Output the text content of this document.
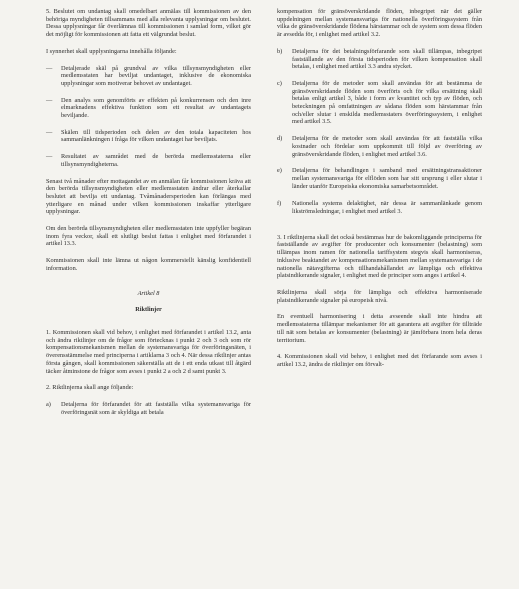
5. Beslutet om undantag skall omedelbart anmälas till kommissionen av den behöriga myndigheten tillsammans med alla relevanta upplysningar om beslutet. Dessa upplysningar får överlämnas till kommissionen i samlad form, vilket gör det möjligt för kommissionen att fatta ett välgrundat beslut.
I synnerhet skall upplysningarna innehålla följande:
— Detaljerade skäl på grundval av vilka tillsynsmyndigheten eller medlemsstaten har beviljat undantaget, inklusive de ekonomiska upplysningar som motiverar behovet av undantaget.
— Den analys som genomförts av effekten på konkurrensen och den inre elmarknadens effektiva funktion som ett resultat av undantagets beviljande.
— Skälen till tidsperioden och delen av den totala kapaciteten hos sammanlänkningen i fråga för vilken undantaget har beviljats.
— Resultatet av samrådet med de berörda medlemsstaterna eller tillsynsmyndigheterna.
Senast två månader efter mottagandet av en anmälan får kommissionen kräva att den berörda tillsynsmyndigheten eller medlemsstaten ändrar eller återkallar beslutet att bevilja ett undantag. Tvåmånadersperioden kan förlängas med ytterligare en månad under vilken kommissionen inskaffar ytterligare upplysningar.
Om den berörda tillsynsmyndigheten eller medlemsstaten inte uppfyller begäran inom fyra veckor, skall ett slutligt beslut fattas i enlighet med förfarandet i artikel 13.3.
Kommissionen skall inte lämna ut någon kommersiellt känslig konfidentiell information.
Artikel 8
Riktlinjer
1. Kommissionen skall vid behov, i enlighet med förfarandet i artikel 13.2, anta och ändra riktlinjer om de frågor som förtecknas i punkt 2 och 3 och som rör kompensationsmekanismen mellan de systemansvariga för överföringsnäten, i överensstämmelse med principerna i artiklarna 3 och 4. När dessa riktlinjer antas första gången, skall kommissionen säkerställa att de i ett enda utkast till åtgärd täcker åtminstone de frågor som avses i punkt 2 a och 2 d samt punkt 3.
2. Riktlinjerna skall ange följande:
a) Detaljerna för förfarandet för att fastställa vilka systemansvariga för överföringsnät som är skyldiga att betala
kompensation för gränsöverskridande flöden, inbegripet när det gäller uppdelningen mellan systemansvariga för nationella överföringssystem från vilka de gränsöverskridande flödena härstammar och de system som dessa flöden är avsedda för, i enlighet med artikel 3.2.
b) Detaljerna för det betalningsförfarande som skall tillämpas, inbegripet fastställande av den första tidsperioden för vilken kompensation skall betalas, i enlighet med artikel 3.3 andra stycket.
c) Detaljerna för de metoder som skall användas för att bestämma de gränsöverskridande flöden som överförts och för vilka ersättning skall betalas enligt artikel 3, både i form av kvantitet och typ av flöden, och beteckningen på omfattningen av sådana flöden som härstammar från och/eller slutar i enskilda medlemsstaters överföringssystem, i enlighet med artikel 3.5.
d) Detaljerna för de metoder som skall användas för att fastställa vilka kostnader och fördelar som uppkommit till följd av överföring av gränsöverskridande flöden, i enlighet med artikel 3.6.
e) Detaljerna för behandlingen i samband med ersättningstransaktioner mellan systemansvariga för elflöden som har sitt ursprung i eller slutar i länder utanför Europeiska ekonomiska samarbetsområdet.
f) Nationella systems delaktighet, när dessa är sammanlänkade genom likströmsledningar, i enlighet med artikel 3.
3. I riktlinjerna skall det också bestämmas hur de bakomliggande principerna för fastställande av avgifter för producenter och konsumenter (belastning) som tillämpas inom ramen för nationella tariffsystem stegvis skall harmoniseras, inklusive beaktandet av kompensationsmekanismen mellan systemansvariga i de nationella nätavgifterna och tillhandahållandet av lämpliga och effektiva platsindikerande signaler, i enlighet med de principer som anges i artikel 4.
Riktlinjerna skall sörja för lämpliga och effektiva harmoniserade platsindikerande signaler på europeisk nivå.
En eventuell harmonisering i detta avseende skall inte hindra att medlemsstaterna tillämpar mekanismer för att garantera att avgifter för tillträde till nät som betalas av konsumenter (belastning) är jämförbara inom hela deras territorium.
4. Kommissionen skall vid behov, i enlighet med det förfarande som avses i artikel 13.2, ändra de riktlinjer om förvalt-
